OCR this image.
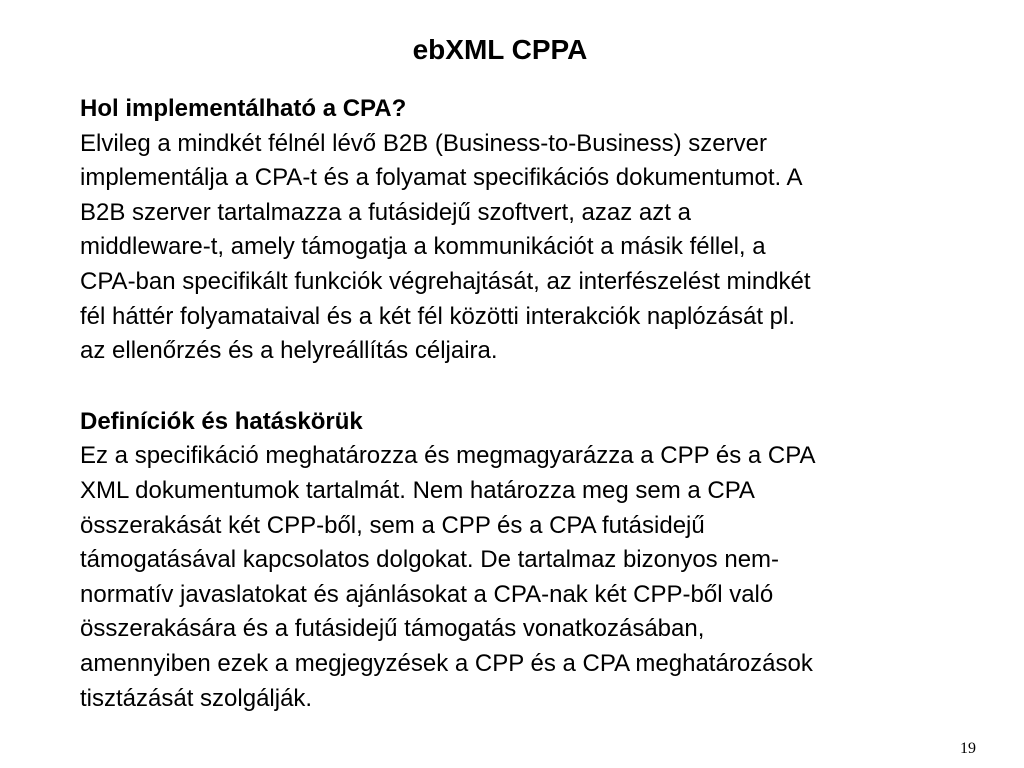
ebXML CPPA

Hol implementálható a CPA?

Elvileg a mindkét félnél lévő B2B (Business-to-Business) szerver
implementálja a CPA-t és a folyamat specifikációs dokumentumot. A
B2B szerver tartalmazza a futásidejű szoftvert, azaz azt a
middleware-t, amely támogatja a kommunikációt a másik féllel, a
CPA-ban specifikált funkciók végrehajtását, az interfészelést mindkét
fél háttér folyamataival és a két fél közötti interakciók naplózását pl.
az ellenőrzés és a helyreállítás céljaira.

Definíciók és hatáskörük

Ez a specifikáció meghatározza és megmagyarázza a CPP és a CPA
XML dokumentumok tartalmát. Nem határozza meg sem a CPA
összerakását két CPP-ből, sem a CPP és a CPA futásidejű
támogatásával kapcsolatos dolgokat. De tartalmaz bizonyos nem-
normatív javaslatokat és ajánlásokat a CPA-nak két CPP-ből való
összerakására és a futásidejű támogatás vonatkozásában,
amennyiben ezek a megjegyzések a CPP és a CPA meghatározások
tisztázását szolgálják.
19
